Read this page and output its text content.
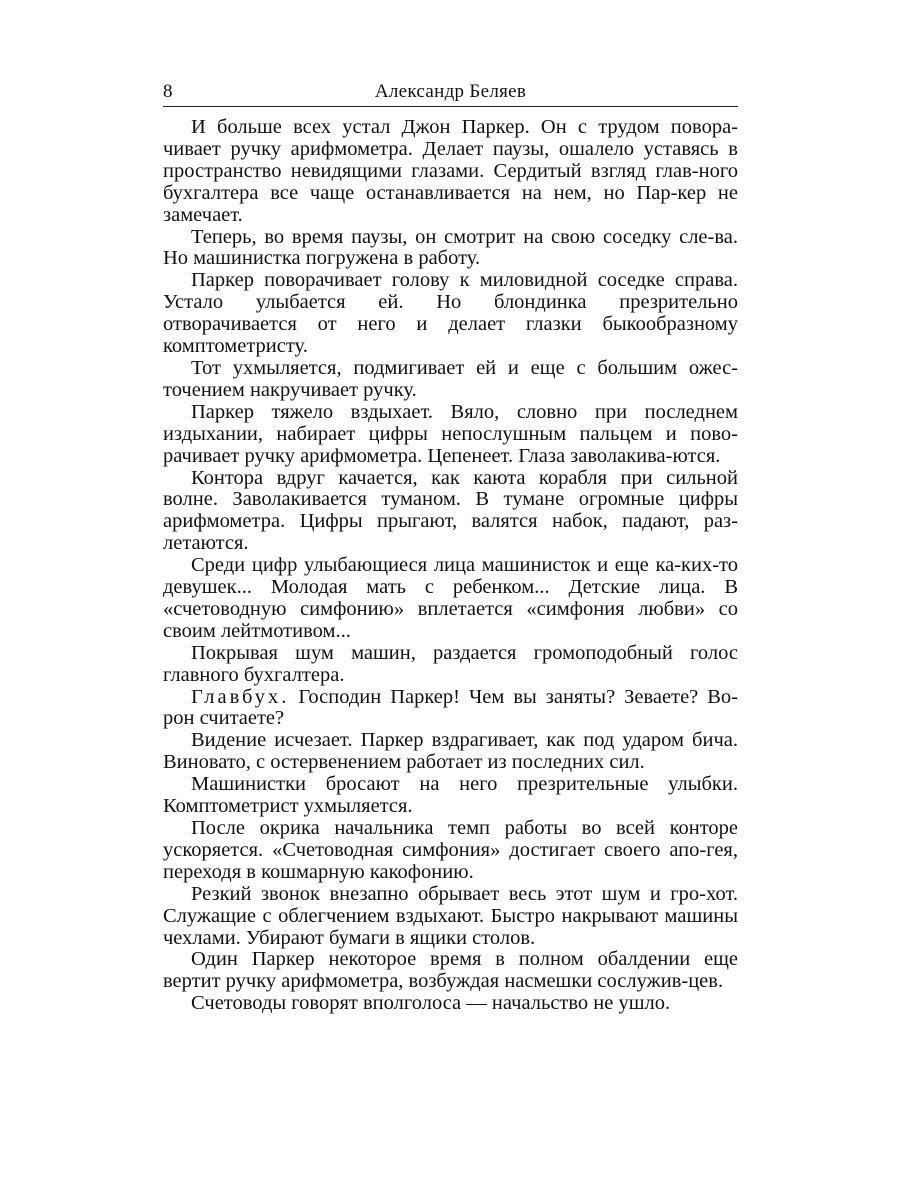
8	Александр Беляев

И больше всех устал Джон Паркер. Он с трудом повора-чивает ручку арифмометра. Делает паузы, ошалело уставясь в пространство невидящими глазами. Сердитый взгляд глав-ного бухгалтера все чаще останавливается на нем, но Пар-кер не замечает.

Теперь, во время паузы, он смотрит на свою соседку сле-ва. Но машинистка погружена в работу.

Паркер поворачивает голову к миловидной соседке справа. Устало улыбается ей. Но блондинка презрительно отворачивается от него и делает глазки быкообразному комптометристу.

Тот ухмыляется, подмигивает ей и еще с большим ожес-точением накручивает ручку.

Паркер тяжело вздыхает. Вяло, словно при последнем издыхании, набирает цифры непослушным пальцем и пово-рачивает ручку арифмометра. Цепенеет. Глаза заволакива-ются.

Контора вдруг качается, как каюта корабля при сильной волне. Заволакивается туманом. В тумане огромные цифры арифмометра. Цифры прыгают, валятся набок, падают, раз-летаются.

Среди цифр улыбающиеся лица машинисток и еще ка-ких-то девушек... Молодая мать с ребенком... Детские лица. В «счетоводную симфонию» вплетается «симфония любви» со своим лейтмотивом...

Покрывая шум машин, раздается громоподобный голос главного бухгалтера.

Главбух. Господин Паркер! Чем вы заняты? Зеваете? Во-рон считаете?

Видение исчезает. Паркер вздрагивает, как под ударом бича. Виновато, с остервенением работает из последних сил.

Машинистки бросают на него презрительные улыбки. Комптометрист ухмыляется.

После окрика начальника темп работы во всей конторе ускоряется. «Счетоводная симфония» достигает своего апо-гея, переходя в кошмарную какофонию.

Резкий звонок внезапно обрывает весь этот шум и гро-хот. Служащие с облегчением вздыхают. Быстро накрывают машины чехлами. Убирают бумаги в ящики столов.

Один Паркер некоторое время в полном обалдении еще вертит ручку арифмометра, возбуждая насмешки сослужив-цев.

Счетоводы говорят вполголоса — начальство не ушло.
